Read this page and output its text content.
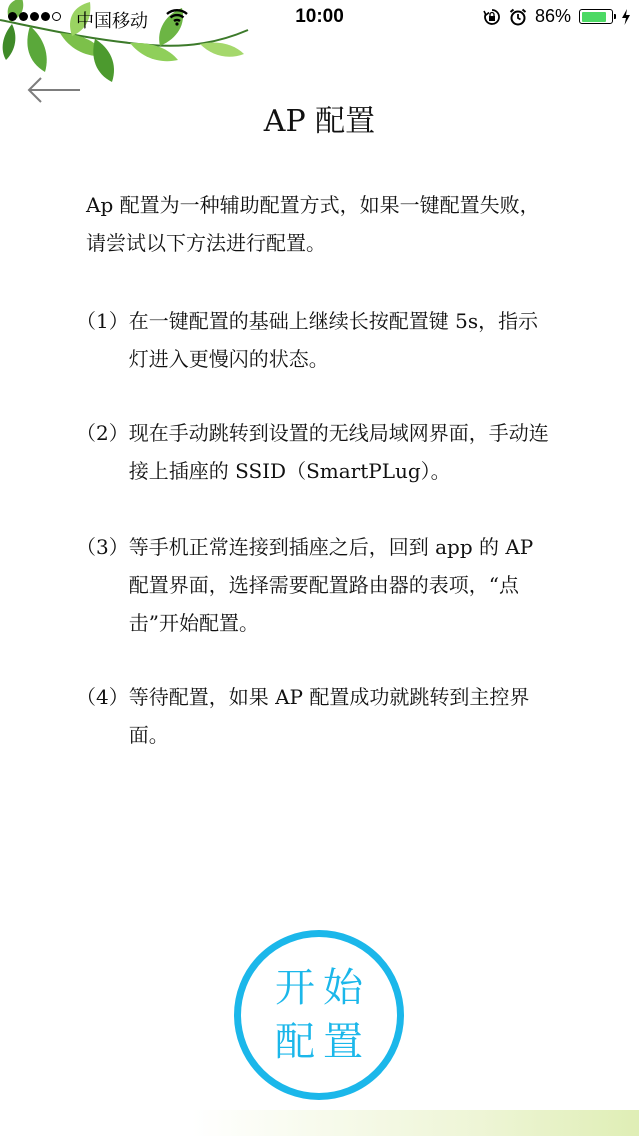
中国移动	10:00	86%
AP 配置
Ap 配置为一种辅助配置方式，如果一键配置失败，请尝试以下方法进行配置。
（1） 在一键配置的基础上继续长按配置键 5s，指示灯进入更慢闪的状态。
（2） 现在手动跳转到设置的无线局域网界面，手动连接上插座的 SSID（SmartPLug）。
（3） 等手机正常连接到插座之后，回到 app 的 AP 配置界面，选择需要配置路由器的表项，“点击”开始配置。
（4） 等待配置，如果 AP 配置成功就跳转到主控界面。
开始
配置
